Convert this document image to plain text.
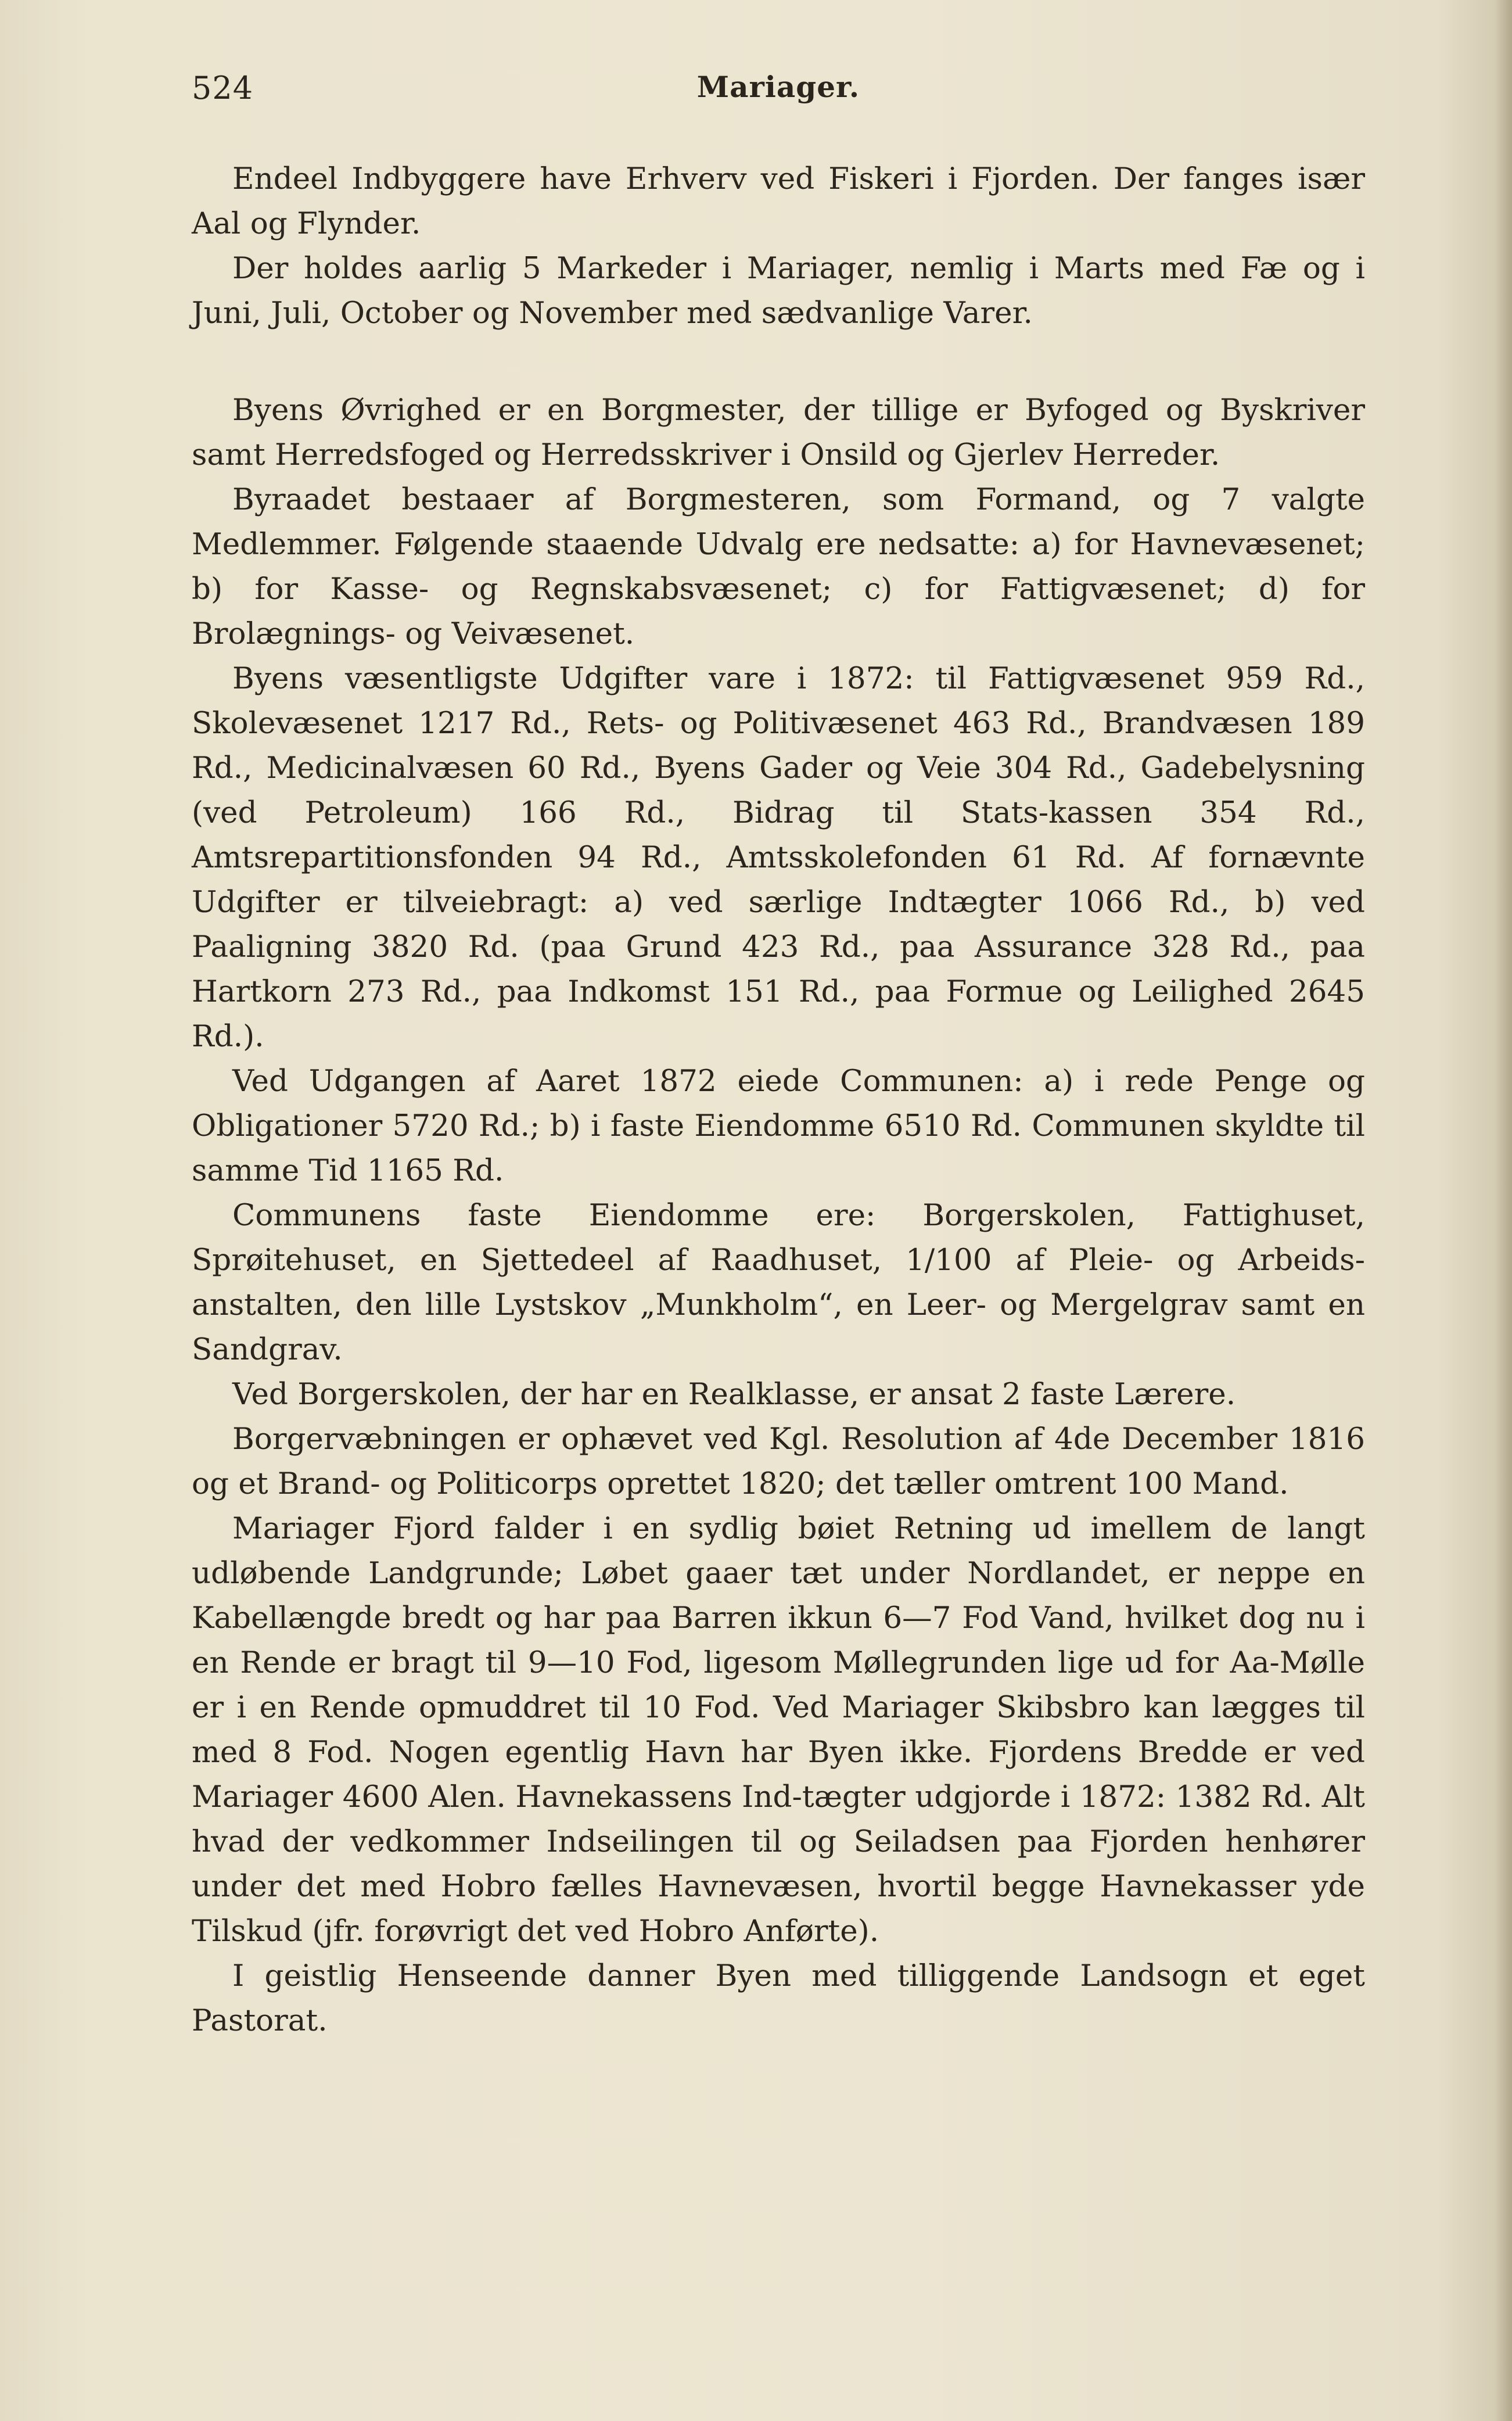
524	Mariager.

Endeel Indbyggere have Erhverv ved Fiskeri i Fjorden. Der fanges især Aal og Flynder.

Der holdes aarlig 5 Markeder i Mariager, nemlig i Marts med Fæ og i Juni, Juli, October og November med sædvanlige Varer.

Byens Øvrighed er en Borgmester, der tillige er Byfoged og Byskriver samt Herredsfoged og Herredsskriver i Onsild og Gjerlev Herreder.

Byraadet bestaaer af Borgmesteren, som Formand, og 7 valgte Medlemmer. Følgende staaende Udvalg ere nedsatte: a) for Havnevæsenet; b) for Kasse- og Regnskabsvæsenet; c) for Fattigvæsenet; d) for Brolægnings- og Veivæsenet.

Byens væsentligste Udgifter vare i 1872: til Fattigvæsenet 959 Rd., Skolevæsenet 1217 Rd., Rets- og Politivæsenet 463 Rd., Brandvæsen 189 Rd., Medicinalvæsen 60 Rd., Byens Gader og Veie 304 Rd., Gadebelysning (ved Petroleum) 166 Rd., Bidrag til Stats-kassen 354 Rd., Amtsrepartitionsfonden 94 Rd., Amtsskolefonden 61 Rd. Af fornævnte Udgifter er tilveiebragt: a) ved særlige Indtægter 1066 Rd., b) ved Paaligning 3820 Rd. (paa Grund 423 Rd., paa Assurance 328 Rd., paa Hartkorn 273 Rd., paa Indkomst 151 Rd., paa Formue og Leilighed 2645 Rd.).

Ved Udgangen af Aaret 1872 eiede Communen: a) i rede Penge og Obligationer 5720 Rd.; b) i faste Eiendomme 6510 Rd. Communen skyldte til samme Tid 1165 Rd.

Communens faste Eiendomme ere: Borgerskolen, Fattighuset, Sprøitehuset, en Sjettedeel af Raadhuset, 1/100 af Pleie- og Arbeids-anstalten, den lille Lystskov „Munkholm“, en Leer- og Mergelgrav samt en Sandgrav.

Ved Borgerskolen, der har en Realklasse, er ansat 2 faste Lærere.

Borgervæbningen er ophævet ved Kgl. Resolution af 4de December 1816 og et Brand- og Politicorps oprettet 1820; det tæller omtrent 100 Mand.

Mariager Fjord falder i en sydlig bøiet Retning ud imellem de langt udløbende Landgrunde; Løbet gaaer tæt under Nordlandet, er neppe en Kabellængde bredt og har paa Barren ikkun 6—7 Fod Vand, hvilket dog nu i en Rende er bragt til 9—10 Fod, ligesom Møllegrunden lige ud for Aa-Mølle er i en Rende opmuddret til 10 Fod. Ved Mariager Skibsbro kan lægges til med 8 Fod. Nogen egentlig Havn har Byen ikke. Fjordens Bredde er ved Mariager 4600 Alen. Havnekassens Ind-tægter udgjorde i 1872: 1382 Rd. Alt hvad der vedkommer Indseilingen til og Seiladsen paa Fjorden henhører under det med Hobro fælles Havnevæsen, hvortil begge Havnekasser yde Tilskud (jfr. forøvrigt det ved Hobro Anførte).

I geistlig Henseende danner Byen med tilliggende Landsogn et eget Pastorat.
